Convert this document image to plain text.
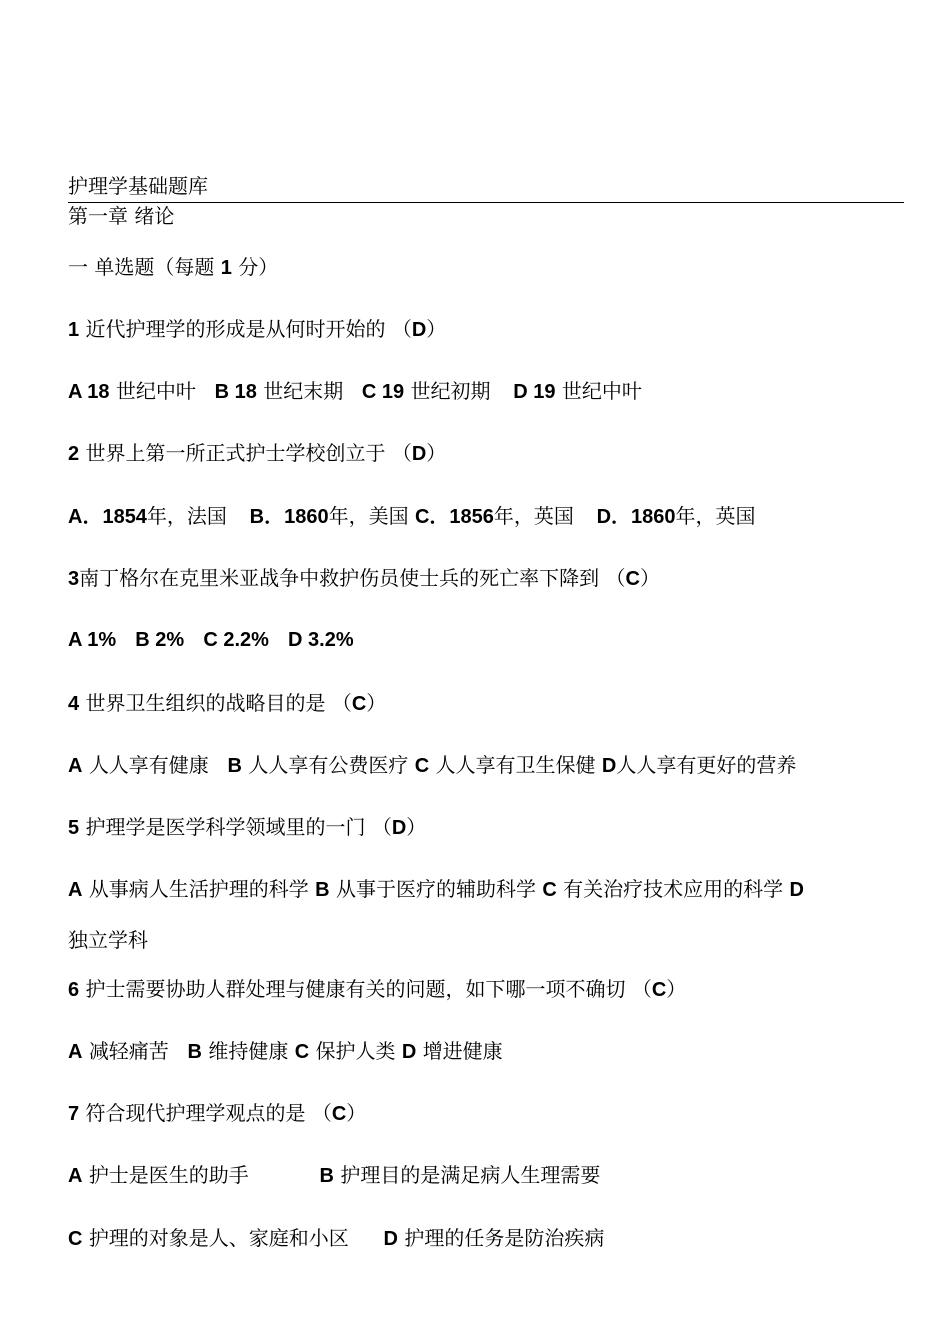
护理学基础题库
第一章 绪论
一 单选题（每题 1 分）
1 近代护理学的形成是从何时开始的 （D）
A 18 世纪中叶 B 18 世纪末期 C 19 世纪初期 D 19 世纪中叶
2 世界上第一所正式护士学校创立于 （D）
A．1854年，法国 B．1860年，美国 C．1856年，英国 D．1860年，英国
3南丁格尔在克里米亚战争中救护伤员使士兵的死亡率下降到 （C）
A 1% B 2% C 2.2% D 3.2%
4 世界卫生组织的战略目的是 （C）
A 人人享有健康 B 人人享有公费医疗 C 人人享有卫生保健 D人人享有更好的营养
5 护理学是医学科学领域里的一门 （D）
A 从事病人生活护理的科学 B 从事于医疗的辅助科学 C 有关治疗技术应用的科学 D
独立学科
6 护士需要协助人群处理与健康有关的问题，如下哪一项不确切 （C）
A 减轻痛苦 B 维持健康 C 保护人类 D 增进健康
7 符合现代护理学观点的是 （C）
A 护士是医生的助手	B 护理目的是满足病人生理需要
C 护理的对象是人、家庭和小区 D 护理的任务是防治疾病
